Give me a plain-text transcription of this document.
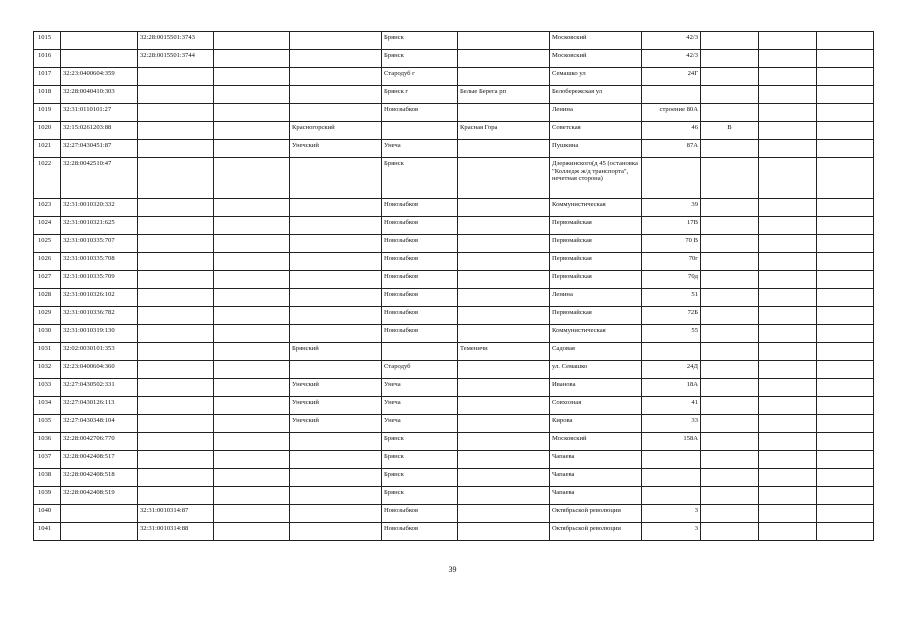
1015		32:28:0015501:3743			Брянск		Московский	42/3			
1016		32:28:0015501:3744			Брянск		Московский	42/3			
1017	32:23:0400604:359				Стародуб г		Семашко ул	24Г			
1018	32:28:0040410:303				Брянск г	Белые Берега рп	Белобережская ул				
1019	32:31:0110101:27				Новозыбков		Ленина	строение 80А			
1020	32:15:0261203:88			Красногорский		Красная Гора	Советская	46	В		
1021	32:27:0430451:87			Унечский	Унеча		Пушкина	87А			
1022	32:28:0042510:47				Брянск		Дзержинского(д 45 (остановка "Колледж ж/д транспорта", нечетная сторона)				
1023	32:31:0010320:332				Новозыбков		Коммунистическая	39			
1024	32:31:0010321:625				Новозыбков		Первомайская	17В			
1025	32:31:0010335:707				Новозыбков		Первомайская	70 В			
1026	32:31:0010335:708				Новозыбков		Первомайская	70г			
1027	32:31:0010335:709				Новозыбков		Первомайская	70д			
1028	32:31:0010326:102				Новозыбков		Ленина	51			
1029	32:31:0010336:782				Новозыбков		Первомайская	72Б			
1030	32:31:0010319:130				Новозыбков		Коммунистическая	55			
1031	32:02:0030101:353			Брянский		Теменичи	Садовая				
1032	32:23:0400604:360				Стародуб		ул. Семашко	24Д			
1033	32:27:0430502:331			Унечский	Унеча		Иванова	18А			
1034	32:27:0430126:113			Унечский	Унеча		Совхозная	41			
1035	32:27:0430348:104			Унечский	Унеча		Кирова	33			
1036	32:28:0042706:770				Брянск		Московский	158А			
1037	32:28:0042408:517				Брянск		Чапаева				
1038	32:28:0042408:518				Брянск		Чапаева				
1039	32:28:0042408:519				Брянск		Чапаева				
1040		32:31:0010314:87			Новозыбков		Октябрьской революции	3			
1041		32:31:0010314:88			Новозыбков		Октябрьской революции	3			
39
